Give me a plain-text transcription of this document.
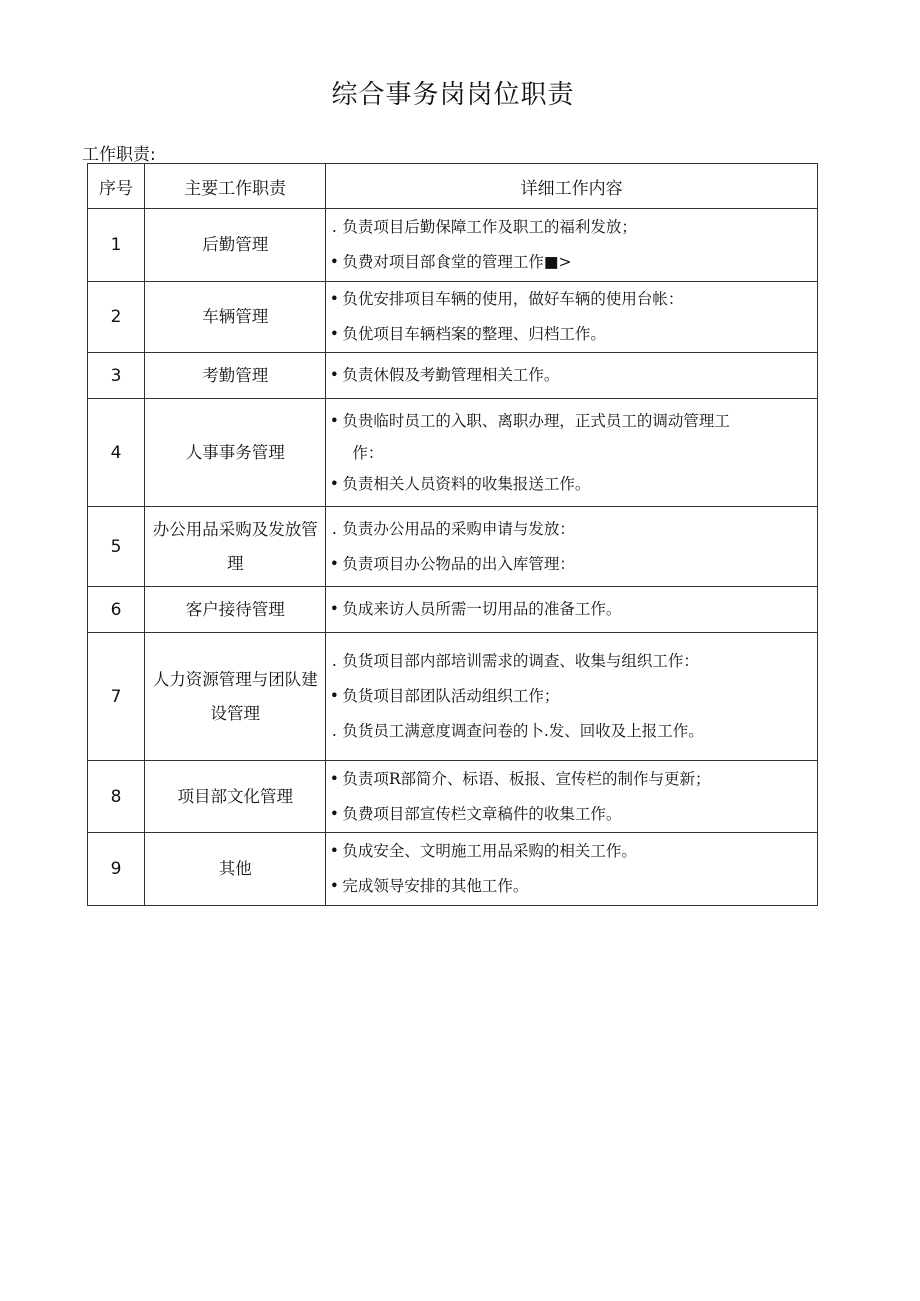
综合事务岗岗位职责
工作职责:
序号	主要工作职责	详细工作内容
1	后勤管理	. 负责项目后勤保障工作及职工的福利发放；
• 负费对项目部食堂的管理工作■>

2	车辆管理	• 负优安排项目车辆的使用，做好车辆的使用台帐：
• 负优项目车辆档案的整理、归档工作。

3	考勤管理	• 负责休假及考勤管理相关工作。

4	人事事务管理	• 负贵临时员工的入职、离职办理，正式员工的调动管理工
作：
• 负责相关人员资料的收集报送工作。

5	办公用品采购及发放管理	. 负责办公用品的采购申请与发放：
• 负责项目办公物品的出入库管理：

6	客户接待管理	• 负成来访人员所需一切用品的准备工作。

7	人力资源管理与团队建设管理	. 负货项目部内部培训需求的调查、收集与组织工作：
• 负货项目部团队活动组织工作；
. 负货员工满意度调查问卷的卜.发、回收及上报工作。

8	项目部文化管理	• 负责项R部简介、标语、板报、宣传栏的制作与更新；
• 负费项目部宣传栏文章稿件的收集工作。

9	其他	• 负成安全、文明施工用品采购的相关工作。
• 完成领导安排的其他工作。
